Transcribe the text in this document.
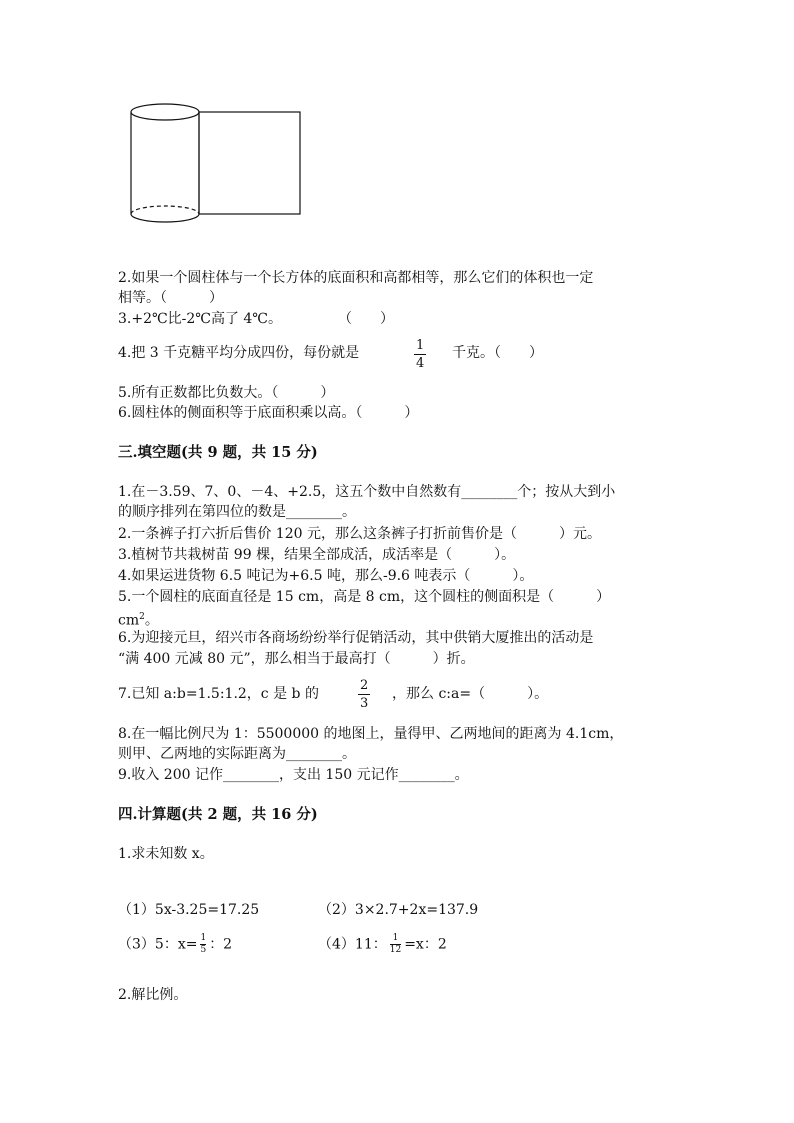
2.如果一个圆柱体与一个长方体的底面积和高都相等，那么它们的体积也一定
相等。（　　　）
3.+2℃比-2℃高了 4℃。　　　　　（　　）
4.把 3 千克糖平均分成四份，每份就是	1
4
千克。（　　）
5.所有正数都比负数大。（　　　）
6.圆柱体的侧面积等于底面积乘以高。（　　　）
三.填空题(共 9 题，共 15 分)
1.在－3.59、7、0、－4、+2.5，这五个数中自然数有________个；按从大到小
的顺序排列在第四位的数是________。
2.一条裤子打六折后售价 120 元，那么这条裤子打折前售价是（　　　）元。
3.植树节共栽树苗 99 棵，结果全部成活，成活率是（　　　）。
4.如果运进货物 6.5 吨记为+6.5 吨，那么-9.6 吨表示（　　　）。
5.一个圆柱的底面直径是 15 cm，高是 8 cm，这个圆柱的侧面积是（　　　）
$cm^2$。
6.为迎接元旦，绍兴市各商场纷纷举行促销活动，其中供销大厦推出的活动是
“满 400 元减 80 元”，那么相当于最高打（　　　）折。
7.已知 a:b=1.5:1.2，c 是 b 的
2
3
，那么 c:a=（　　　）。
8.在一幅比例尺为 1：5500000 的地图上，量得甲、乙两地间的距离为 4.1cm，
则甲、乙两地的实际距离为________。
9.收入 200 记作________，支出 150 元记作________。
四.计算题(共 2 题，共 16 分)
1.求未知数 x。
（1）5x-3.25=17.25	（2）3×2.7+2x=137.9
（3）5：$x= \frac{1}{5}$ ：2	（4）11： $\frac{1}{12} =x$：2
2.解比例。
